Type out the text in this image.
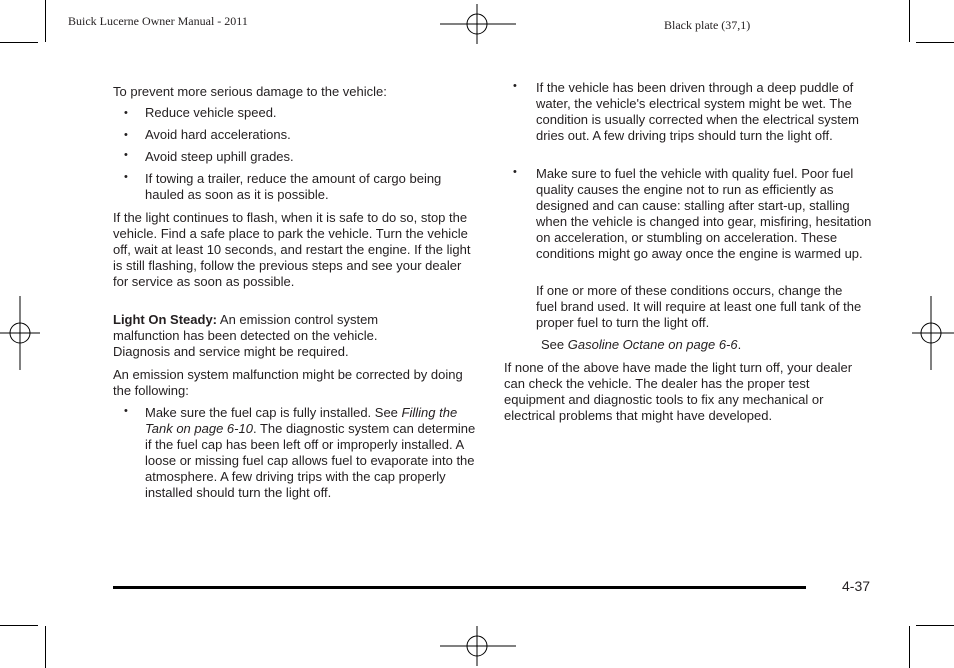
Buick Lucerne Owner Manual - 2011	Black plate (37,1)
To prevent more serious damage to the vehicle:
• Reduce vehicle speed.
• Avoid hard accelerations.
• Avoid steep uphill grades.
• If towing a trailer, reduce the amount of cargo being hauled as soon as it is possible.
If the light continues to flash, when it is safe to do so, stop the vehicle. Find a safe place to park the vehicle. Turn the vehicle off, wait at least 10 seconds, and restart the engine. If the light is still flashing, follow the previous steps and see your dealer for service as soon as possible.
Light On Steady: An emission control system malfunction has been detected on the vehicle. Diagnosis and service might be required.
An emission system malfunction might be corrected by doing the following:
• Make sure the fuel cap is fully installed. See Filling the Tank on page 6-10. The diagnostic system can determine if the fuel cap has been left off or improperly installed. A loose or missing fuel cap allows fuel to evaporate into the atmosphere. A few driving trips with the cap properly installed should turn the light off.
• If the vehicle has been driven through a deep puddle of water, the vehicle's electrical system might be wet. The condition is usually corrected when the electrical system dries out. A few driving trips should turn the light off.
• Make sure to fuel the vehicle with quality fuel. Poor fuel quality causes the engine not to run as efficiently as designed and can cause: stalling after start-up, stalling when the vehicle is changed into gear, misfiring, hesitation on acceleration, or stumbling on acceleration. These conditions might go away once the engine is warmed up.
If one or more of these conditions occurs, change the fuel brand used. It will require at least one full tank of the proper fuel to turn the light off.
See Gasoline Octane on page 6-6.
If none of the above have made the light turn off, your dealer can check the vehicle. The dealer has the proper test equipment and diagnostic tools to fix any mechanical or electrical problems that might have developed.
4-37
